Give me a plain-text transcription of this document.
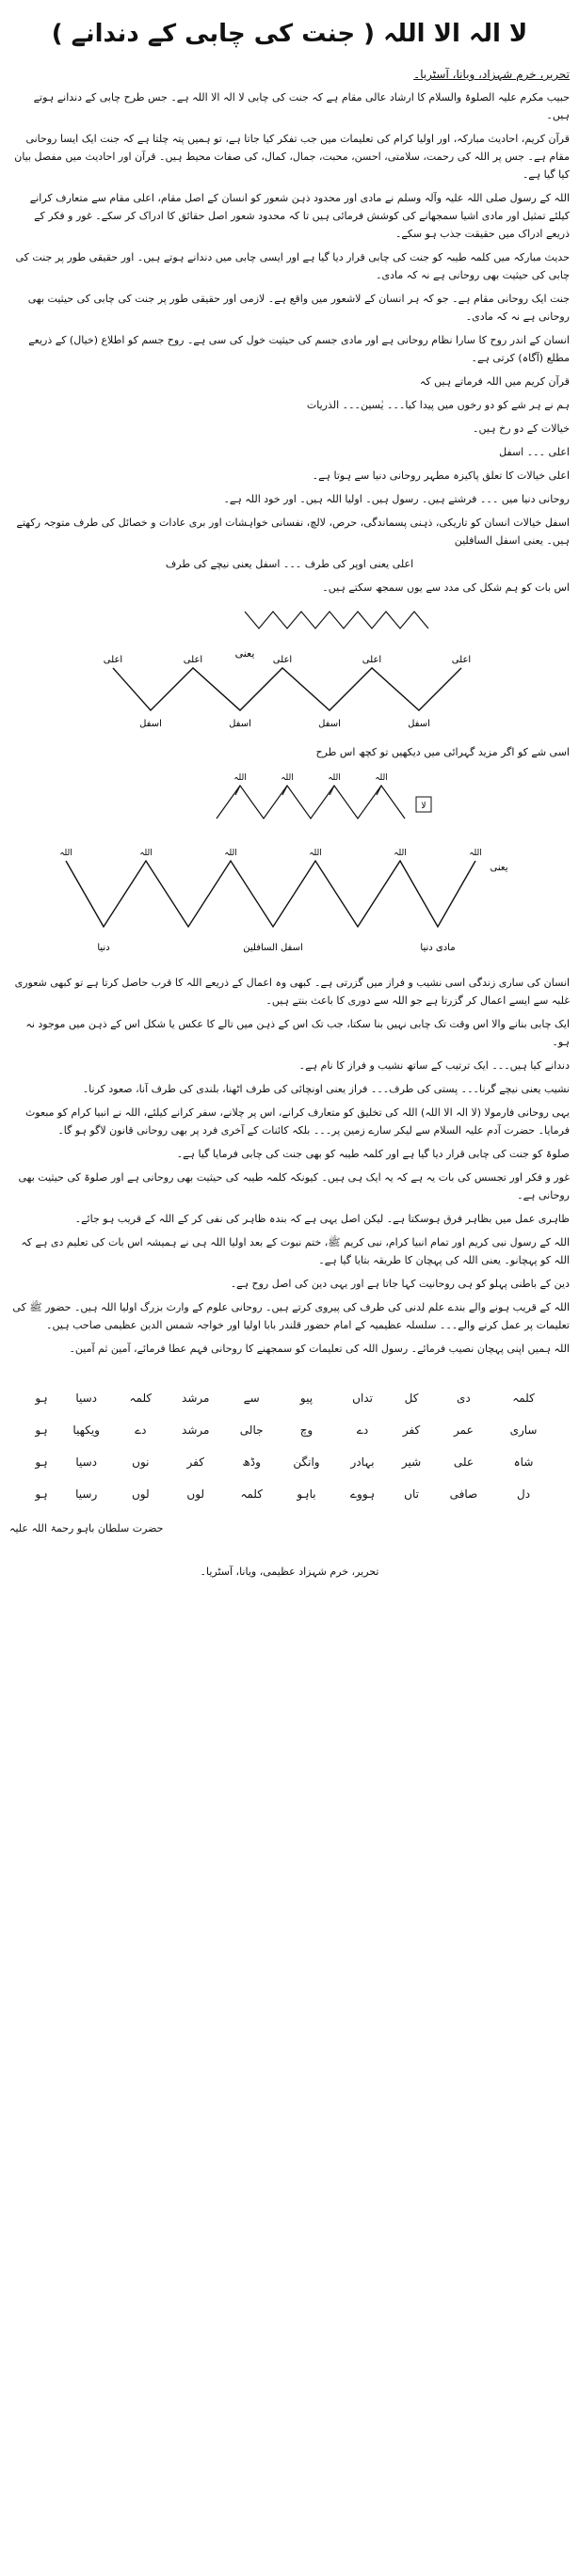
لا الہ الا اللہ ( جنت کی چابی کے دندانے )
تحریر، خرم شہزاد، ویانا، آسٹریا۔
حبیب مکرم علیہ الصلوۃ والسلام کا ارشاد عالی مقام ہے کہ جنت کی چابی لا الہ الا اللہ ہے۔ جس طرح چابی کے دندانے ہوتے ہیں۔
قرآن کریم، احادیث مبارکہ، اور اولیا کرام کی تعلیمات میں جب تفکر کیا جاتا ہے، تو ہمیں پتہ چلتا ہے کہ جنت ایک ایسا روحانی مقام ہے۔ جس پر اللہ کی رحمت، سلامتی، احسن، محبت، جمال، کمال، کی صفات محیط ہیں۔ قرآن اور احادیث میں مفصل بیان کیا گیا ہے۔
اللہ کے رسول صلی اللہ علیہ وآلہ وسلم نے مادی اور محدود ذہن شعور کو انسان کے اصل مقام، اعلی مقام سے متعارف کرانے کیلئے تمثیل اور مادی اشیا سمجھانے کی کوشش فرمائی ہیں تا کہ محدود شعور اصل حقائق کا ادراک کر سکے۔ غور و فکر کے ذریعے ادراک میں حقیقت جذب ہو سکے۔
حدیث مبارکہ میں کلمہ طیبہ کو جنت کی چابی قرار دیا گیا ہے اور ایسی چابی میں دندانے ہوتے ہیں۔ اور حقیقی طور پر جنت کی چابی کی حیثیت بھی روحانی ہے نہ کہ مادی۔
جنت ایک روحانی مقام ہے۔ جو کہ ہر انسان کے لاشعور میں واقع ہے۔ لازمی اور حقیقی طور پر جنت کی چابی کی حیثیت بھی روحانی ہے نہ کہ مادی۔
انسان کے اندر روح کا سارا نظام روحانی ہے اور مادی جسم کی حیثیت خول کی سی ہے۔ روح جسم کو اطلاع (خیال) کے ذریعے مطلع (آگاہ) کرتی ہے۔
قرآن کریم میں اللہ فرماتے ہیں کہ
ہم نے ہر شے کو دو رخوں میں پیدا کیا۔۔۔ یٰسین۔۔۔ الذریات
خیالات کے دو رخ ہیں۔
اعلی ۔۔۔ اسفل
اعلی خیالات کا تعلق پاکیزہ مطہر روحانی دنیا سے ہوتا ہے۔
روحانی دنیا میں ۔۔۔ فرشتے ہیں۔ رسول ہیں۔ اولیا اللہ ہیں۔ اور خود اللہ ہے۔
اسفل خیالات انسان کو تاریکی، ذہنی پسماندگی، حرص، لالچ، نفسانی خواہشات اور بری عادات و خصائل کی طرف متوجہ رکھتے ہیں۔ یعنی اسفل السافلین
اعلی یعنی اوپر کی طرف ۔۔۔ اسفل یعنی نیچے کی طرف
اس بات کو ہم شکل کی مدد سے یوں سمجھ سکتے ہیں۔
یعنی
اعلی	اعلی	اعلی	اعلی	اعلی
اسفل	اسفل	اسفل	اسفل
اسی شے کو اگر مزید گہرائی میں دیکھیں تو کچھ اس طرح
اللہ	اللہ	اللہ	اللہ
لا
اللہ	اللہ	اللہ	اللہ	اللہ	اللہ
یعنی
دنیا	اسفل السافلین	مادی دنیا
انسان کی ساری زندگی اسی نشیب و فراز میں گزرتی ہے۔ کبھی وہ اعمال کے ذریعے اللہ کا قرب حاصل کرتا ہے تو کبھی شعوری غلبہ سے ایسے اعمال کر گزرتا ہے جو اللہ سے دوری کا باعث بنتے ہیں۔
ایک چابی بنانے والا اس وقت تک چابی نہیں بنا سکتا، جب تک اس کے ذہن میں تالے کا عکس یا شکل اس کے ذہن میں موجود نہ ہو۔
دندانے کیا ہیں۔۔۔ ایک ترتیب کے ساتھ نشیب و فراز کا نام ہے۔
نشیب یعنی نیچے گرنا۔۔۔ پستی کی طرف۔۔۔ فراز یعنی اونچائی کی طرف اٹھنا، بلندی کی طرف آنا، صعود کرنا۔
یہی روحانی فارمولا (لا الہ الا اللہ) اللہ کی تخلیق کو متعارف کرانے، اس پر چلانے، سفر کرانے کیلئے، اللہ نے انبیا کرام کو مبعوث فرمایا۔ حضرت آدم علیہ السلام سے لیکر سارے زمین پر۔۔۔ بلکہ کائنات کے آخری فرد پر بھی روحانی قانون لاگو ہو گا۔
صلوۃ کو جنت کی چابی قرار دیا گیا ہے اور کلمہ طیبہ کو بھی جنت کی چابی فرمایا گیا ہے۔
غور و فکر اور تجسس کی بات یہ ہے کہ یہ ایک ہی ہیں۔ کیونکہ کلمہ طیبہ کی حیثیت بھی روحانی ہے اور صلوۃ کی حیثیت بھی روحانی ہے۔
ظاہری عمل میں بظاہر فرق ہوسکتا ہے۔ لیکن اصل یہی ہے کہ بندہ ظاہر کی نفی کر کے اللہ کے قریب ہو جائے۔
اللہ کے رسول نبی کریم اور تمام انبیا کرام، نبی کریم ﷺ، ختم نبوت کے بعد اولیا اللہ ہی نے ہمیشہ اس بات کی تعلیم دی ہے کہ اللہ کو پہچانو۔ یعنی اللہ کی پہچان کا طریقہ بتایا گیا ہے۔
دین کے باطنی پہلو کو ہی روحانیت کہا جاتا ہے اور یہی دین کی اصل روح ہے۔
اللہ کے قریب ہونے والے بندے علم لدنی کی طرف کی پیروی کرتے ہیں۔ روحانی علوم کے وارث بزرگ اولیا اللہ ہیں۔ حضور ﷺ کی تعلیمات پر عمل کرنے والے۔۔۔ سلسلہ عظیمیہ کے امام حضور قلندر بابا اولیا اور خواجہ شمس الدین عظیمی صاحب ہیں۔
اللہ ہمیں اپنی پہچان نصیب فرمائے۔ رسول اللہ کی تعلیمات کو سمجھنے کا روحانی فہم عطا فرمائے، آمین ثم آمین۔
کلمہ	دی	کل	تداں	پیو	سے	مرشد	کلمہ	دسیا	ہو
ساری	عمر	کفر	دے	وچ	جالی	مرشد	دے	ویکھیا	ہو
شاہ	علی	شیر	بہادر	وانگن	وڈھ	کفر	نوں	دسیا	ہو
دل	صافی	تاں	ہووے	باہو	کلمہ	لوں	لوں	رسیا	ہو
حضرت سلطان باہو رحمۃ اللہ علیہ
تحریر، خرم شہزاد عظیمی، ویانا، آسٹریا۔
